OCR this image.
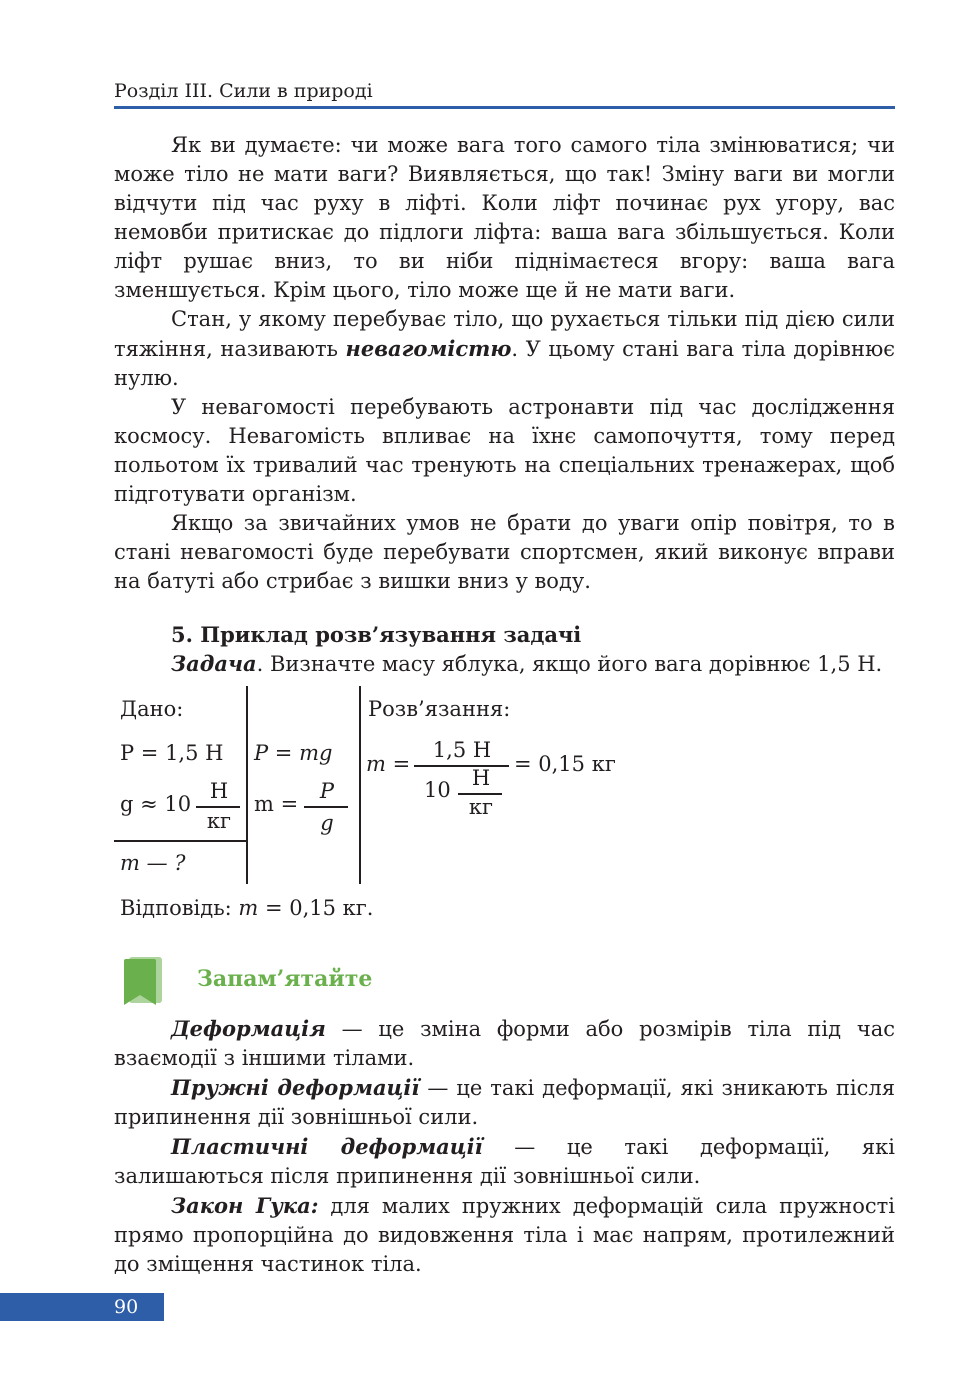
Розділ ІІІ. Сили в природі

Як ви думаєте: чи може вага того самого тіла змінюватися; чи може тіло не мати ваги? Виявляється, що так! Зміну ваги ви могли відчути під час руху в ліфті. Коли ліфт починає рух угору, вас немовби притискає до підлоги ліфта: ваша вага збільшується. Коли ліфт рушає вниз, то ви ніби піднімаєтеся вгору: ваша вага зменшується. Крім цього, тіло може ще й не мати ваги.

Стан, у якому перебуває тіло, що рухається тільки під дією сили тяжіння, називають невагомістю. У цьому стані вага тіла дорівнює нулю.

У невагомості перебувають астронавти під час дослідження космосу. Невагомість впливає на їхнє самопочуття, тому перед польотом їх тривалий час тренують на спеціальних тренажерах, щоб підготувати організм.

Якщо за звичайних умов не брати до уваги опір повітря, то в стані невагомості буде перебувати спортсмен, який виконує вправи на батуті або стрибає з вишки вниз у воду.

5. Приклад розв’язування задачі
Задача. Визначте масу яблука, якщо його вага дорівнює 1,5 Н.
Дано:
P = 1,5 Н
g ≈ 10
Н
кг
m — ?
P = mg
m =
P
g
Розв’язання:
m =
1,5 Н
10	Н
кг
= 0,15 кг
Відповідь: m = 0,15 кг.
Запам’ятайте

Деформація — це зміна форми або розмірів тіла під час взаємодії з іншими тілами.

Пружні деформації — це такі деформації, які зникають після припинення дії зовнішньої сили.

Пластичні деформації — це такі деформації, які залишаються після припинення дії зовнішньої сили.

Закон Гука: для малих пружних деформацій сила пружності прямо пропорційна до видовження тіла і має напрям, протилежний до зміщення частинок тіла.

90
